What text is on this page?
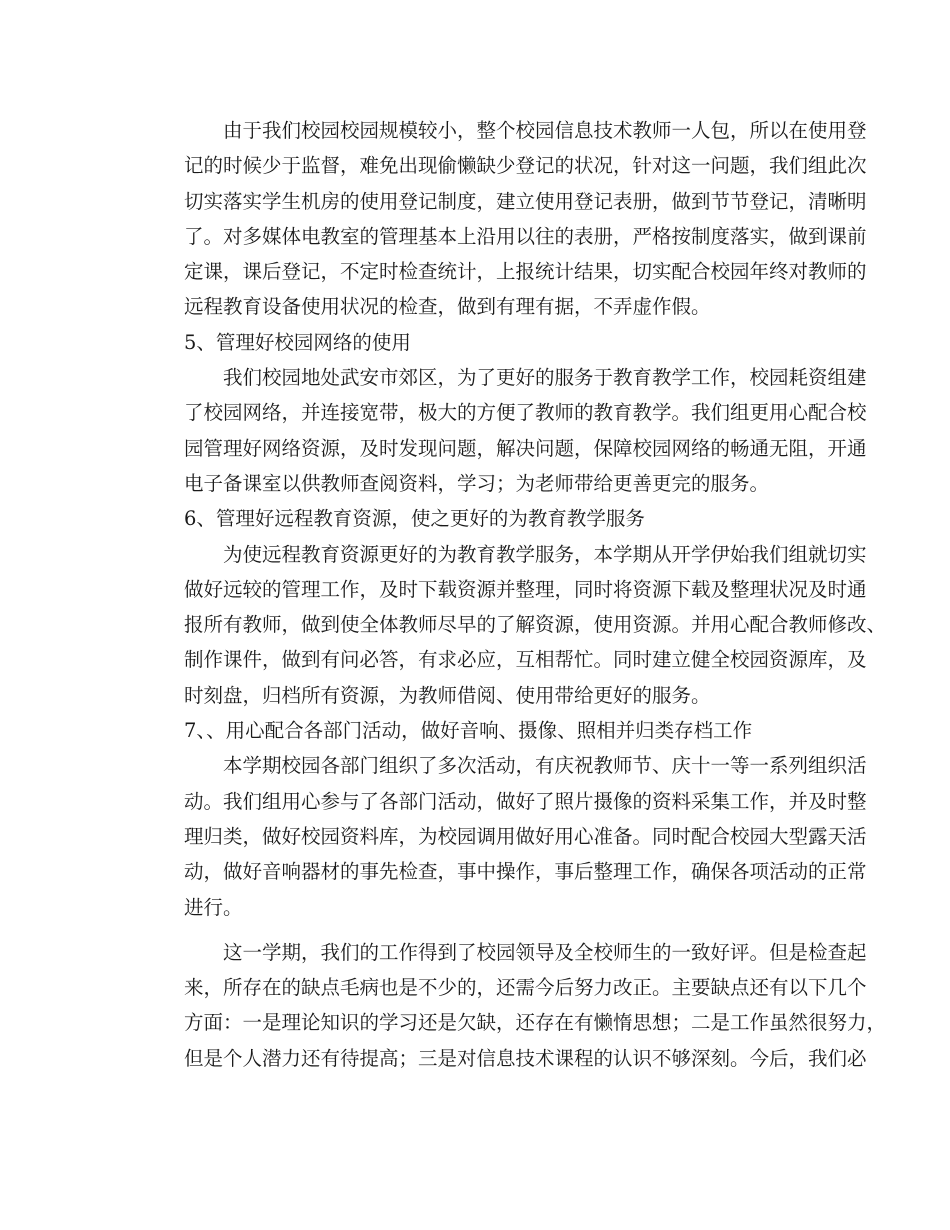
由于我们校园校园规模较小，整个校园信息技术教师一人包，所以在使用登
记的时候少于监督，难免出现偷懒缺少登记的状况，针对这一问题，我们组此次
切实落实学生机房的使用登记制度，建立使用登记表册，做到节节登记，清晰明
了。对多媒体电教室的管理基本上沿用以往的表册，严格按制度落实，做到课前
定课，课后登记，不定时检查统计，上报统计结果，切实配合校园年终对教师的
远程教育设备使用状况的检查，做到有理有据，不弄虚作假。
5、管理好校园网络的使用
我们校园地处武安市郊区，为了更好的服务于教育教学工作，校园耗资组建
了校园网络，并连接宽带，极大的方便了教师的教育教学。我们组更用心配合校
园管理好网络资源，及时发现问题，解决问题，保障校园网络的畅通无阻，开通
电子备课室以供教师查阅资料，学习；为老师带给更善更完的服务。
6、管理好远程教育资源，使之更好的为教育教学服务
为使远程教育资源更好的为教育教学服务，本学期从开学伊始我们组就切实
做好远较的管理工作，及时下载资源并整理，同时将资源下载及整理状况及时通
报所有教师，做到使全体教师尽早的了解资源，使用资源。并用心配合教师修改、
制作课件，做到有问必答，有求必应，互相帮忙。同时建立健全校园资源库，及
时刻盘，归档所有资源，为教师借阅、使用带给更好的服务。
7、、用心配合各部门活动，做好音响、摄像、照相并归类存档工作
本学期校园各部门组织了多次活动，有庆祝教师节、庆十一等一系列组织活
动。我们组用心参与了各部门活动，做好了照片摄像的资料采集工作，并及时整
理归类，做好校园资料库，为校园调用做好用心准备。同时配合校园大型露天活
动，做好音响器材的事先检查，事中操作，事后整理工作，确保各项活动的正常
进行。
这一学期，我们的工作得到了校园领导及全校师生的一致好评。但是检查起
来，所存在的缺点毛病也是不少的，还需今后努力改正。主要缺点还有以下几个
方面：一是理论知识的学习还是欠缺，还存在有懒惰思想；二是工作虽然很努力，
但是个人潜力还有待提高；三是对信息技术课程的认识不够深刻。今后，我们必
